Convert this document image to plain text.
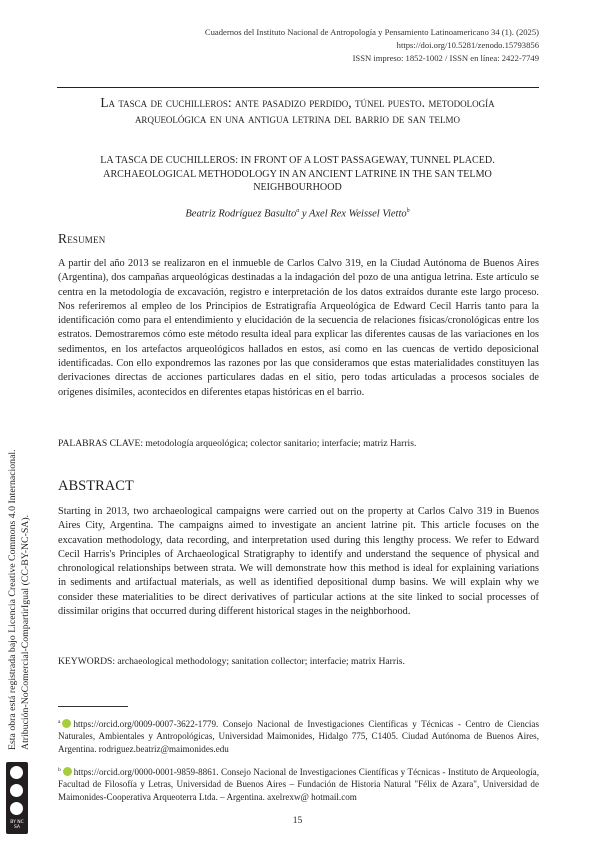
Cuadernos del Instituto Nacional de Antropología y Pensamiento Latinoamericano 34 (1). (2025)
https://doi.org/10.5281/zenodo.15793856
ISSN impreso: 1852-1002 / ISSN en línea: 2422-7749
La tasca de cuchilleros: ante pasadizo perdido, túnel puesto. metodología arqueológica en una antigua letrina del barrio de san telmo
LA TASCA DE CUCHILLEROS: IN FRONT OF A LOST PASSAGEWAY, TUNNEL PLACED. ARCHAEOLOGICAL METHODOLOGY IN AN ANCIENT LATRINE IN THE SAN TELMO NEIGHBOURHOOD
Beatriz Rodríguez Basulto$^a$ y Axel Rex Weissel Vietto$^b$
Resumen
A partir del año 2013 se realizaron en el inmueble de Carlos Calvo 319, en la Ciudad Autónoma de Buenos Aires (Argentina), dos campañas arqueológicas destinadas a la indagación del pozo de una antigua letrina. Este artículo se centra en la metodología de excavación, registro e interpretación de los datos extraídos durante este largo proceso. Nos referiremos al empleo de los Principios de Estratigrafía Arqueológica de Edward Cecil Harris tanto para la identificación como para el entendimiento y elucidación de la secuencia de relaciones físicas/cronológicas entre los estratos. Demostraremos cómo este método resulta ideal para explicar las diferentes causas de las variaciones en los sedimentos, en los artefactos arqueológicos hallados en estos, así como en las cuencas de vertido deposicional identificadas. Con ello expondremos las razones por las que consideramos que estas materialidades constituyen las derivaciones directas de acciones particulares dadas en el sitio, pero todas articuladas a procesos sociales de orígenes disímiles, acontecidos en diferentes etapas históricas en el barrio.
PALABRAS CLAVE: metodología arqueológica; colector sanitario; interfacie; matriz Harris.
ABSTRACT
Starting in 2013, two archaeological campaigns were carried out on the property at Carlos Calvo 319 in Buenos Aires City, Argentina. The campaigns aimed to investigate an ancient latrine pit. This article focuses on the excavation methodology, data recording, and interpretation used during this lengthy process. We refer to Edward Cecil Harris's Principles of Archaeological Stratigraphy to identify and understand the sequence of physical and chronological relationships between strata. We will demonstrate how this method is ideal for explaining variations in sediments and artifactual materials, as well as identified depositional dump basins. We will explain why we consider these materialities to be direct derivatives of particular actions at the site linked to social processes of dissimilar origins that occurred during different historical stages in the neighborhood.
KEYWORDS: archaeological methodology; sanitation collector; interfacie; matrix Harris.
$^a$ https://orcid.org/0009-0007-3622-1779. Consejo Nacional de Investigaciones Científicas y Técnicas - Centro de Ciencias Naturales, Ambientales y Antropológicas, Universidad Maimonides, Hidalgo 775, C1405. Ciudad Autónoma de Buenos Aires, Argentina. rodriguez.beatriz@maimonides.edu
$^b$ https://orcid.org/0000-0001-9859-8861. Consejo Nacional de Investigaciones Científicas y Técnicas - Instituto de Arqueología, Facultad de Filosofía y Letras, Universidad de Buenos Aires – Fundación de Historia Natural "Félix de Azara", Universidad de Maimonides-Cooperativa Arqueoterra Ltda. – Argentina. axelrexw@ hotmail.com
15
Esta obra está registrada bajo Licencia Creative Commons 4.0 Internacional. Atribución-NoComercial-CompartirIgual (CC-BY-NC-SA).
BY NC SA
